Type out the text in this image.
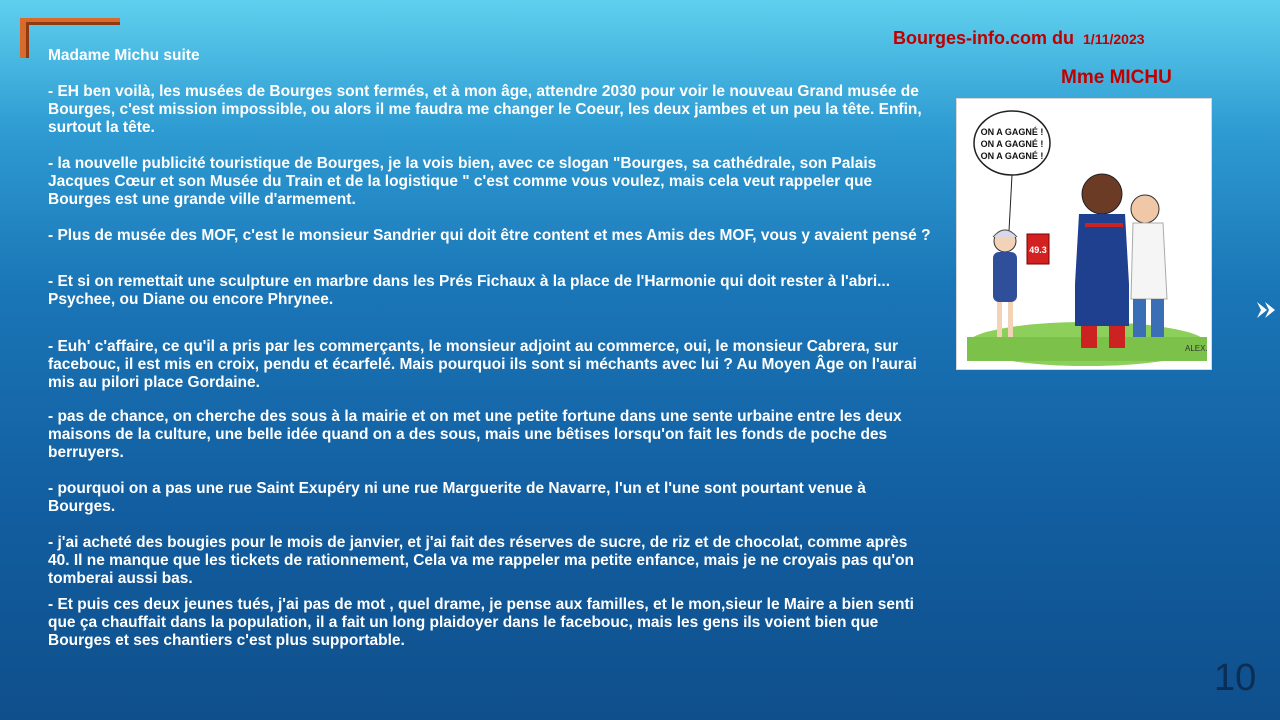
Bourges-info.com du 1/11/2023
Mme MICHU
ON A GAGNÉ !
ON A GAGNÉ !
ON A GAGNÉ !
49.3
ALEX.
Madame Michu suite

- EH ben voilà, les musées de Bourges sont fermés, et à mon âge, attendre 2030 pour voir le nouveau Grand musée de Bourges, c'est mission impossible, ou alors il me faudra me changer le Coeur, les deux jambes et un peu la tête. Enfin, surtout la tête.

- la nouvelle publicité touristique de Bourges, je la vois bien, avec ce slogan "Bourges, sa cathédrale, son Palais Jacques Cœur et son Musée du Train et de la logistique " c'est comme vous voulez, mais cela veut rappeler que Bourges est une grande ville d'armement.

- Plus de musée des MOF, c'est le monsieur Sandrier qui doit être content et mes Amis des MOF, vous y avaient pensé ?

- Et si on remettait une sculpture en marbre dans les Prés Fichaux à la place de l'Harmonie qui doit rester à l'abri... Psychee, ou Diane ou encore Phrynee.

- Euh' c'affaire, ce qu'il a pris par les commerçants, le monsieur adjoint au commerce, oui, le monsieur Cabrera, sur facebouc, il est mis en croix, pendu et écarfelé. Mais pourquoi ils sont si méchants avec lui ? Au Moyen Âge on l'aurai mis au pilori place Gordaine.

- pas de chance, on cherche des sous à la mairie et on met une petite fortune dans une sente urbaine entre les deux maisons de la culture, une belle idée quand on a des sous, mais une bêtises lorsqu'on fait les fonds de poche des berruyers.

- pourquoi on a pas une rue Saint Exupéry ni une rue Marguerite de Navarre, l'un et l'une sont pourtant venue à Bourges.

- j'ai acheté des bougies pour le mois de janvier, et j'ai fait des réserves de sucre, de riz et de chocolat, comme après 40. Il ne manque que les tickets de rationnement, Cela va me rappeler ma petite enfance, mais je ne croyais pas qu'on tomberai aussi bas.

- Et puis ces deux jeunes tués, j'ai pas de mot , quel drame, je pense aux familles, et le mon,sieur le Maire a bien senti que ça chauffait dans la population, il a fait un long plaidoyer dans le facebouc, mais les gens ils voient bien que Bourges et ses chantiers c'est plus supportable.

10
